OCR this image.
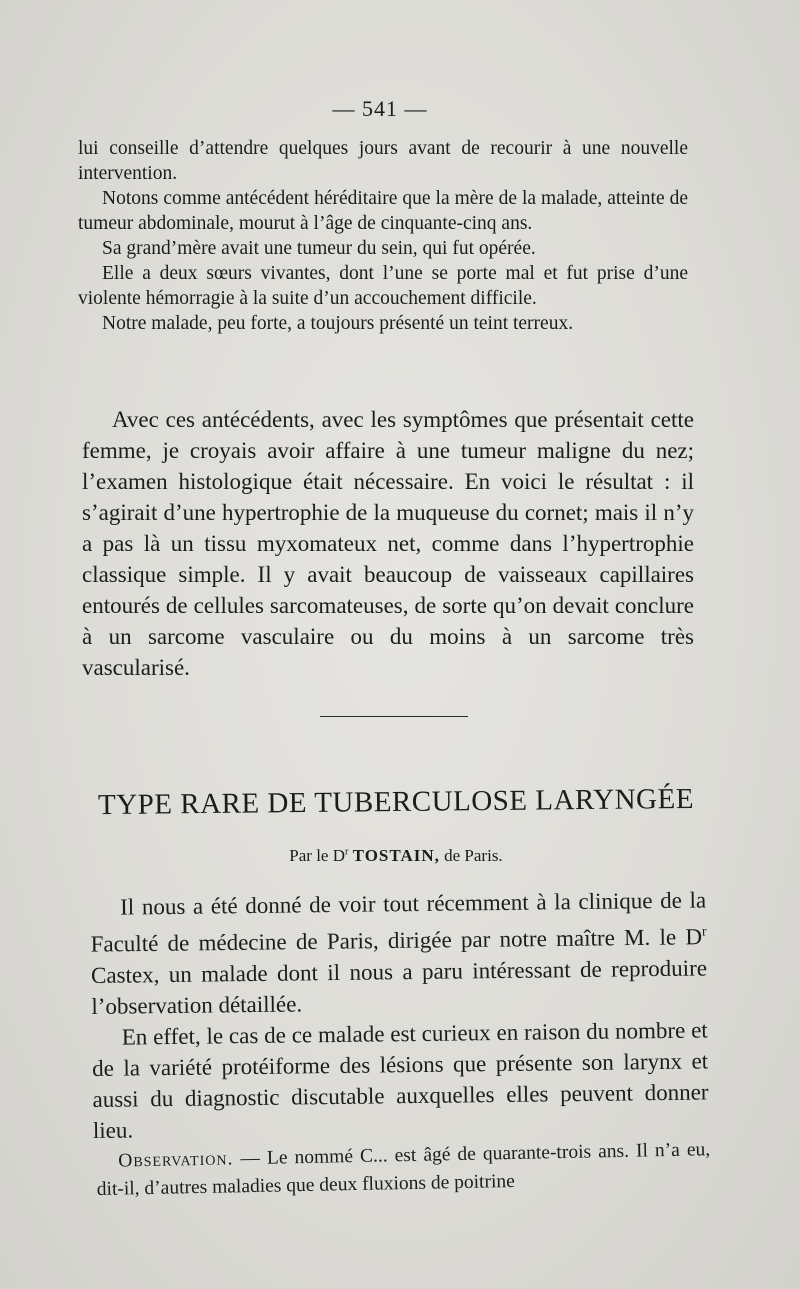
— 541 —

lui conseille d’attendre quelques jours avant de recourir à une nouvelle intervention.

Notons comme antécédent héréditaire que la mère de la malade, atteinte de tumeur abdominale, mourut à l’âge de cinquante-cinq ans.

Sa grand’mère avait une tumeur du sein, qui fut opérée.

Elle a deux sœurs vivantes, dont l’une se porte mal et fut prise d’une violente hémorragie à la suite d’un accouchement difficile.

Notre malade, peu forte, a toujours présenté un teint terreux.

Avec ces antécédents, avec les symptômes que présentait cette femme, je croyais avoir affaire à une tumeur maligne du nez; l’examen histologique était nécessaire. En voici le résultat : il s’agirait d’une hypertrophie de la muqueuse du cornet; mais il n’y a pas là un tissu myxomateux net, comme dans l’hypertrophie classique simple. Il y avait beaucoup de vaisseaux capillaires entourés de cellules sarcomateuses, de sorte qu’on devait conclure à un sarcome vasculaire ou du moins à un sarcome très vascularisé.

TYPE RARE DE TUBERCULOSE LARYNGÉE
Par le $D^r$ TOSTAIN, de Paris.

Il nous a été donné de voir tout récemment à la clinique de la Faculté de médecine de Paris, dirigée par notre maître M. le $D^r$ Castex, un malade dont il nous a paru intéressant de reproduire l’observation détaillée.

En effet, le cas de ce malade est curieux en raison du nombre et de la variété protéiforme des lésions que présente son larynx et aussi du diagnostic discutable auxquelles elles peuvent donner lieu.

Observation. — Le nommé C... est âgé de quarante-trois ans. Il n’a eu, dit-il, d’autres maladies que deux fluxions de poitrine
